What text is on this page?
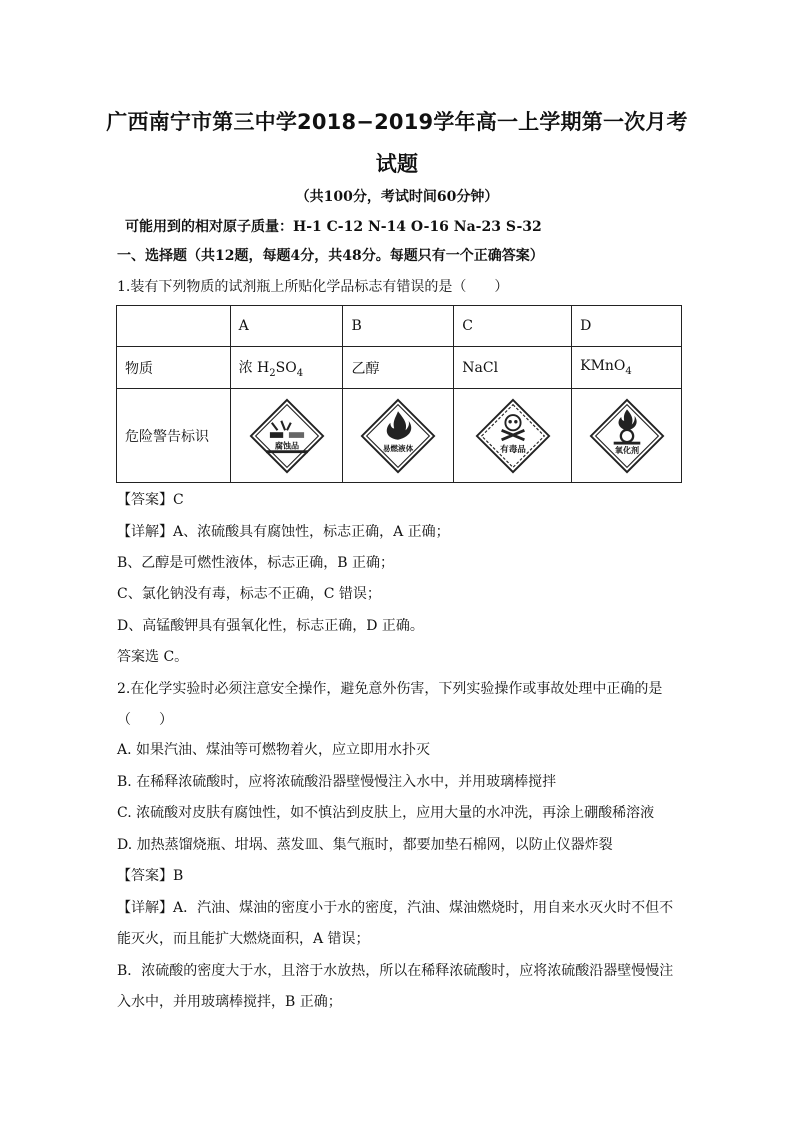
广西南宁市第三中学2018−2019学年高一上学期第一次月考
试题
（共100分，考试时间60分钟）
可能用到的相对原子质量：H-1 C-12 N-14 O-16 Na-23 S-32
一、选择题（共12题，每题4分，共48分。每题只有一个正确答案）
1.装有下列物质的试剂瓶上所贴化学品标志有错误的是（　　）
	A	B	C	D
物质	浓 $H_2SO_4$	乙醇	NaCl	KMnO$_4$
危险警告标识	腐蚀品	易燃液体	有毒品	氧化剂
【答案】C
【详解】A、浓硫酸具有腐蚀性，标志正确，A 正确；
B、乙醇是可燃性液体，标志正确，B 正确；
C、氯化钠没有毒，标志不正确，C 错误；
D、高锰酸钾具有强氧化性，标志正确，D 正确。
答案选 C。
2.在化学实验时必须注意安全操作，避免意外伤害，下列实验操作或事故处理中正确的是
（　　）
A. 如果汽油、煤油等可燃物着火，应立即用水扑灭
B. 在稀释浓硫酸时，应将浓硫酸沿器壁慢慢注入水中，并用玻璃棒搅拌
C. 浓硫酸对皮肤有腐蚀性，如不慎沾到皮肤上，应用大量的水冲洗，再涂上硼酸稀溶液
D. 加热蒸馏烧瓶、坩埚、蒸发皿、集气瓶时，都要加垫石棉网，以防止仪器炸裂
【答案】B
【详解】A．汽油、煤油的密度小于水的密度，汽油、煤油燃烧时，用自来水灭火时不但不
能灭火，而且能扩大燃烧面积，A 错误；
B．浓硫酸的密度大于水，且溶于水放热，所以在稀释浓硫酸时，应将浓硫酸沿器壁慢慢注
入水中，并用玻璃棒搅拌，B 正确；
